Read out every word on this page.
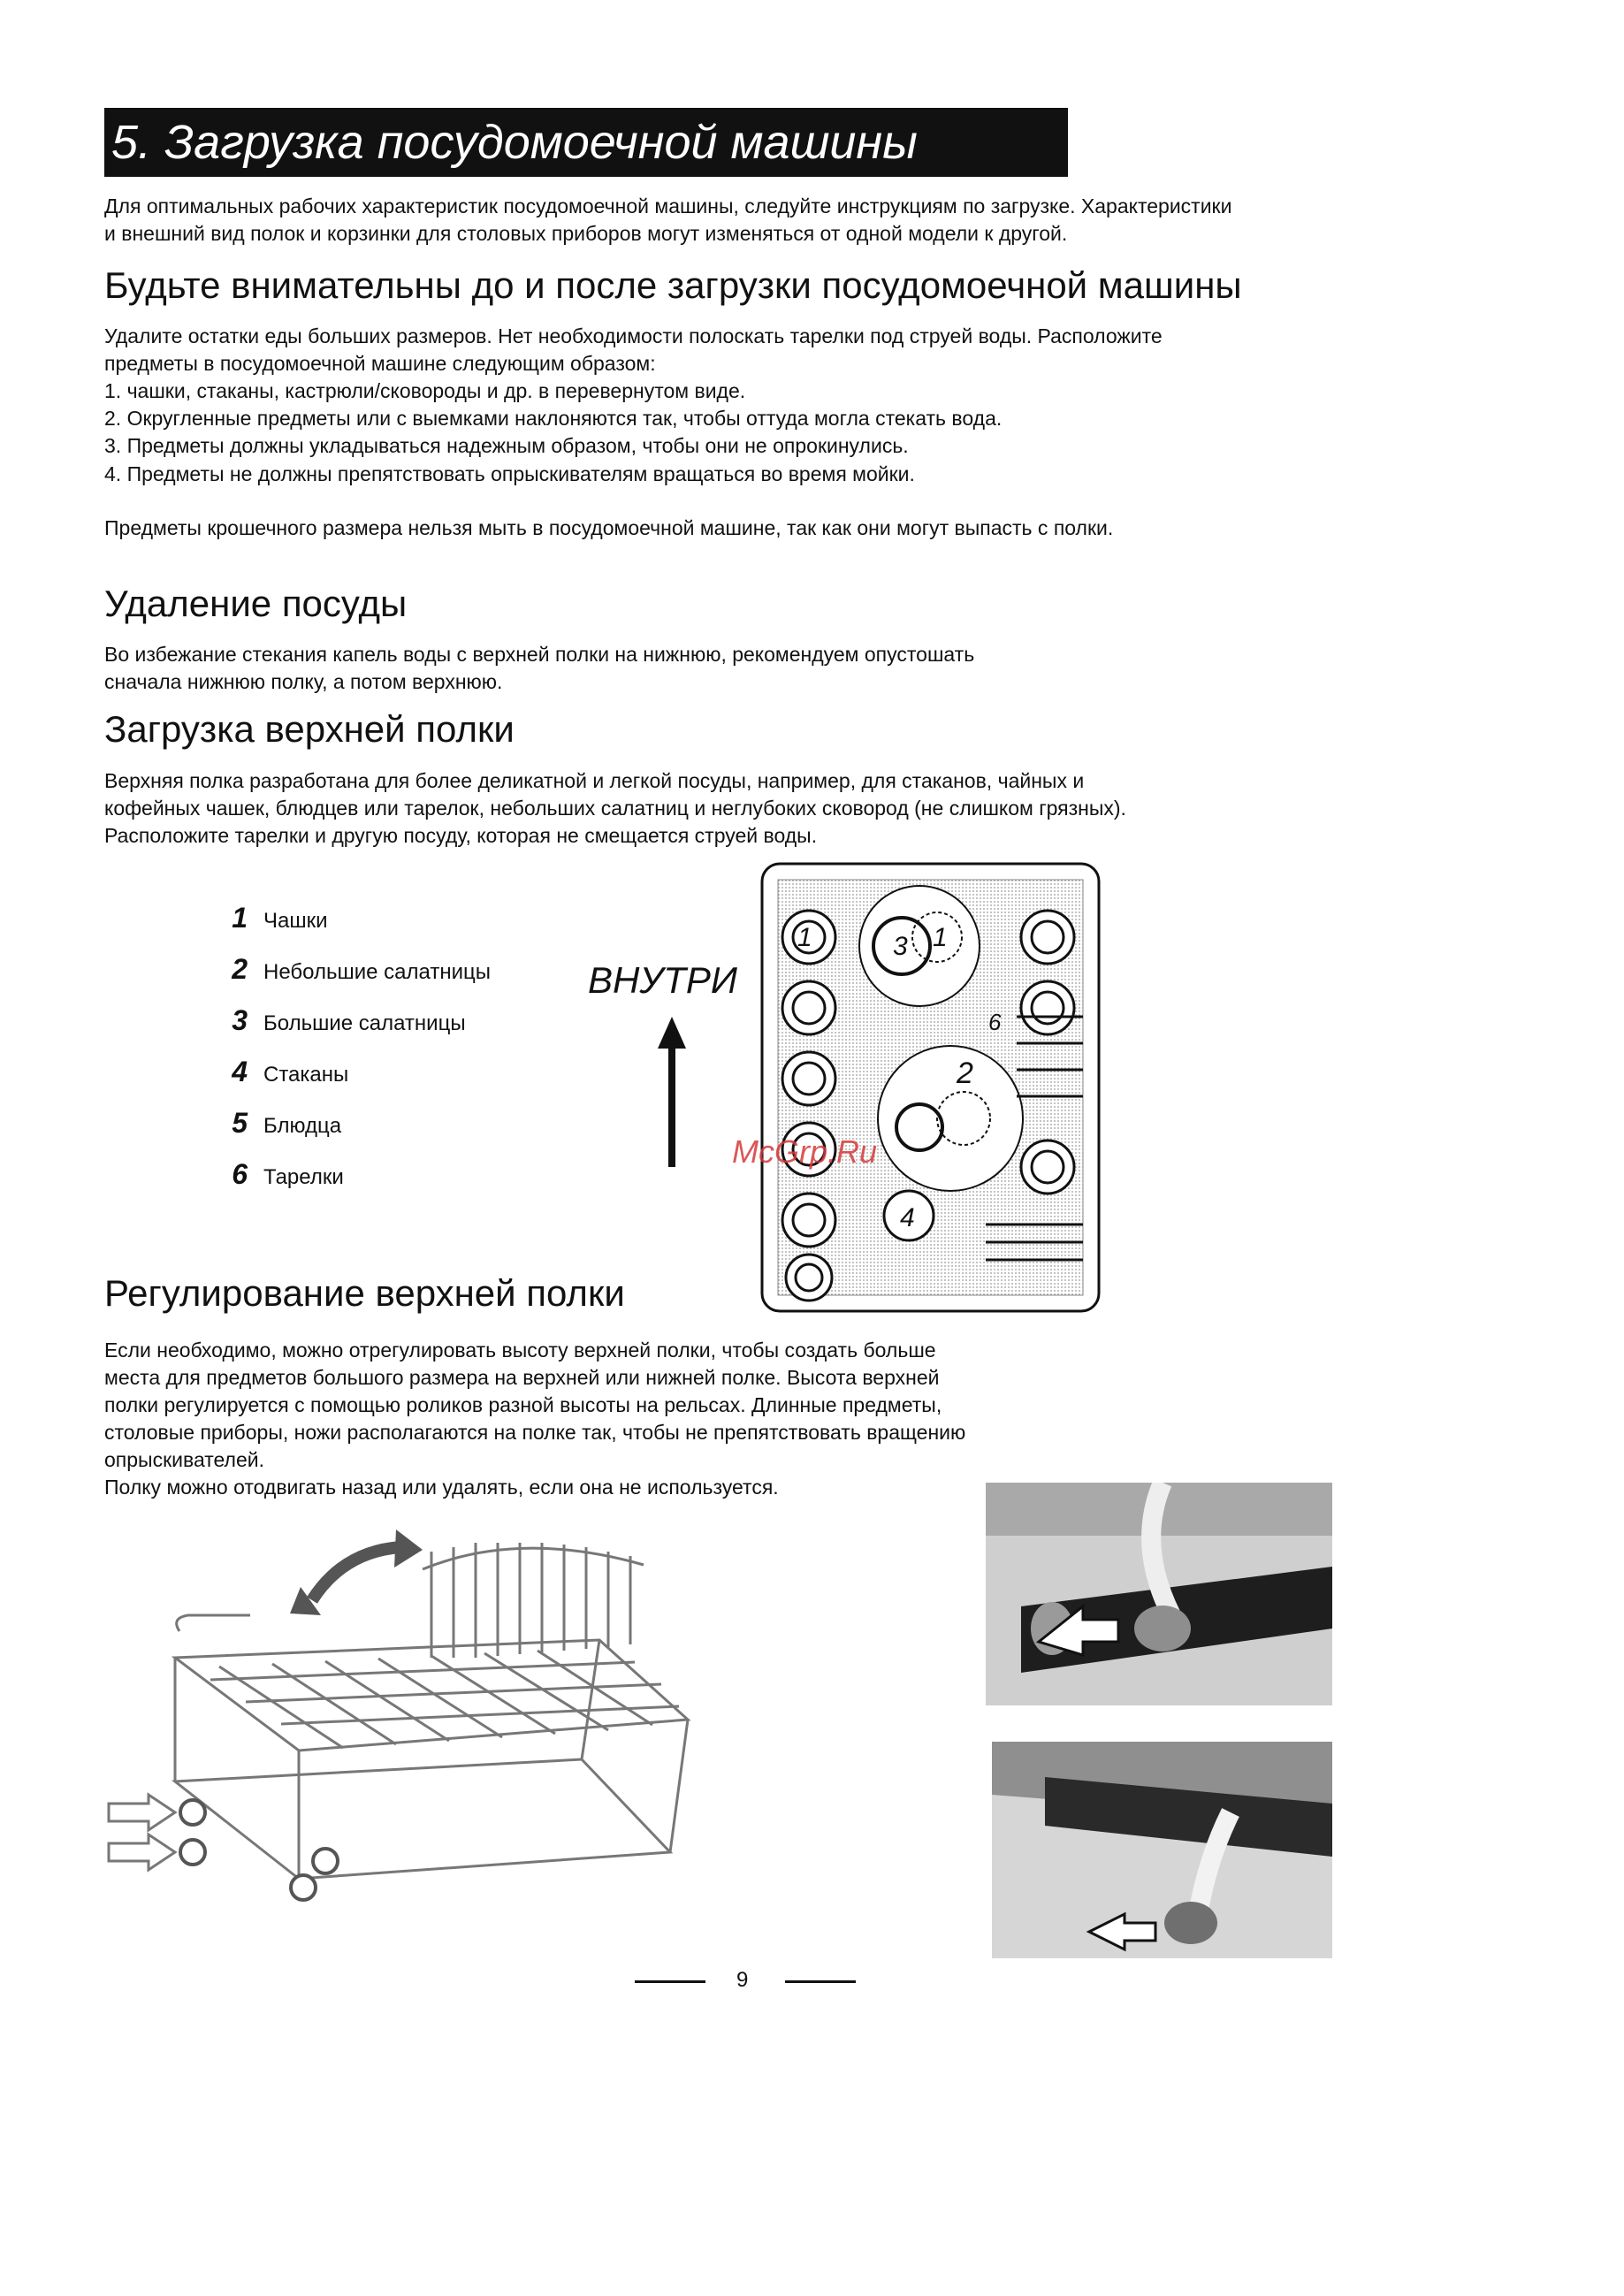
5. Загрузка посудомоечной машины
Для оптимальных рабочих характеристик посудомоечной машины, следуйте инструкциям по загрузке. Характеристики
и внешний вид полок и корзинки для столовых приборов могут изменяться от одной модели к другой.
Будьте внимательны до и после загрузки посудомоечной машины
Удалите остатки еды больших размеров. Нет необходимости полоскать тарелки под струей воды. Расположите
предметы в посудомоечной машине следующим образом:
1. чашки, стаканы, кастрюли/сковороды и др. в перевернутом виде.
2. Округленные предметы или с выемками наклоняются так, чтобы оттуда могла стекать вода.
3. Предметы должны укладываться надежным образом, чтобы они не опрокинулись.
4. Предметы не должны препятствовать опрыскивателям вращаться во время мойки.
Предметы крошечного размера нельзя мыть в посудомоечной машине, так как они могут выпасть с полки.
Удаление посуды
Во избежание стекания капель воды с верхней полки на нижнюю, рекомендуем опустошать
сначала нижнюю полку, а потом верхнюю.
Загрузка верхней полки
Верхняя полка разработана для более деликатной и легкой посуды, например, для стаканов, чайных и
кофейных чашек, блюдцев или тарелок, небольших салатниц и неглубоких сковород (не слишком грязных).
Расположите тарелки и другую посуду, которая не смещается струей воды.
1 Чашки
2 Небольшие салатницы
3 Большие салатницы
4 Стаканы
5 Блюдца
6 Тарелки
ВНУТРИ
1	3 1
6
2
4
McGrp.Ru
Регулирование верхней полки
Если необходимо, можно отрегулировать высоту верхней полки, чтобы создать больше
места для предметов большого размера на верхней или нижней полке. Высота верхней
полки регулируется с помощью роликов разной высоты на рельсах. Длинные предметы,
столовые приборы, ножи располагаются на полке так, чтобы не препятствовать вращению
опрыскивателей.
Полку можно отодвигать назад или удалять, если она не используется.
9
